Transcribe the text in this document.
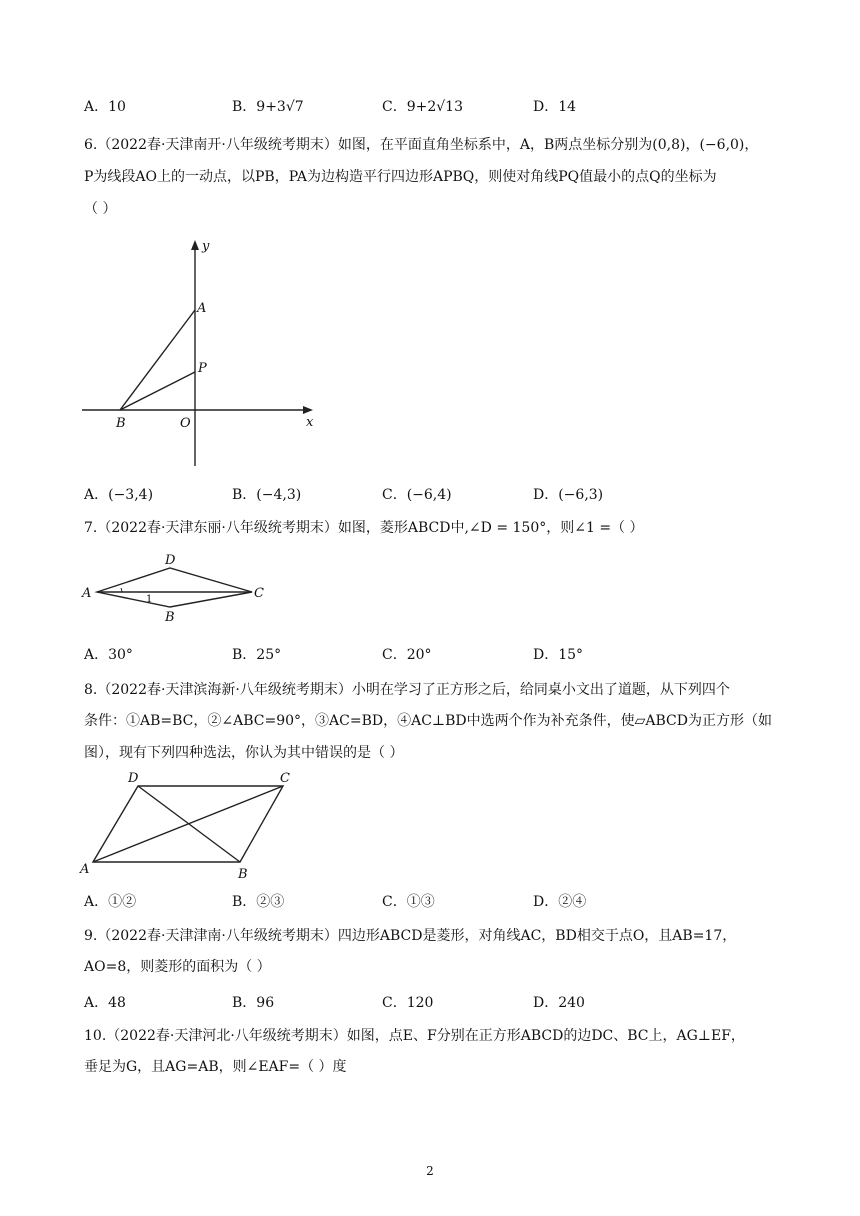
A．10	B．9+3√7	C．9+2√13	D．14
6.（2022春·天津南开·八年级统考期末）如图，在平面直角坐标系中，A，B两点坐标分别为(0,8)，(−6,0)，
P为线段AO上的一动点，以PB，PA为边构造平行四边形APBQ，则使对角线PQ值最小的点Q的坐标为
（ ）
y
A
P
B	O	x
A．(−3,4)	B．(−4,3)	C．(−6,4)	D．(−6,3)
7.（2022春·天津东丽·八年级统考期末）如图，菱形ABCD中,∠D = 150°，则∠1 =（ ）
D
A	C
B
1
A．30°	B．25°	C．20°	D．15°
8.（2022春·天津滨海新·八年级统考期末）小明在学习了正方形之后，给同桌小文出了道题，从下列四个
条件：①AB=BC，②∠ABC=90°，③AC=BD，④AC⊥BD中选两个作为补充条件，使▱ABCD为正方形（如
图），现有下列四种选法，你认为其中错误的是（ ）
D	C
A	B
A．①②	B．②③	C．①③	D．②④
9.（2022春·天津津南·八年级统考期末）四边形ABCD是菱形，对角线AC，BD相交于点O，且AB=17，
AO=8，则菱形的面积为（ ）
A．48	B．96	C．120	D．240
10.（2022春·天津河北·八年级统考期末）如图，点E、F分别在正方形ABCD的边DC、BC上，AG⊥EF，
垂足为G，且AG=AB，则∠EAF=（ ）度
2
